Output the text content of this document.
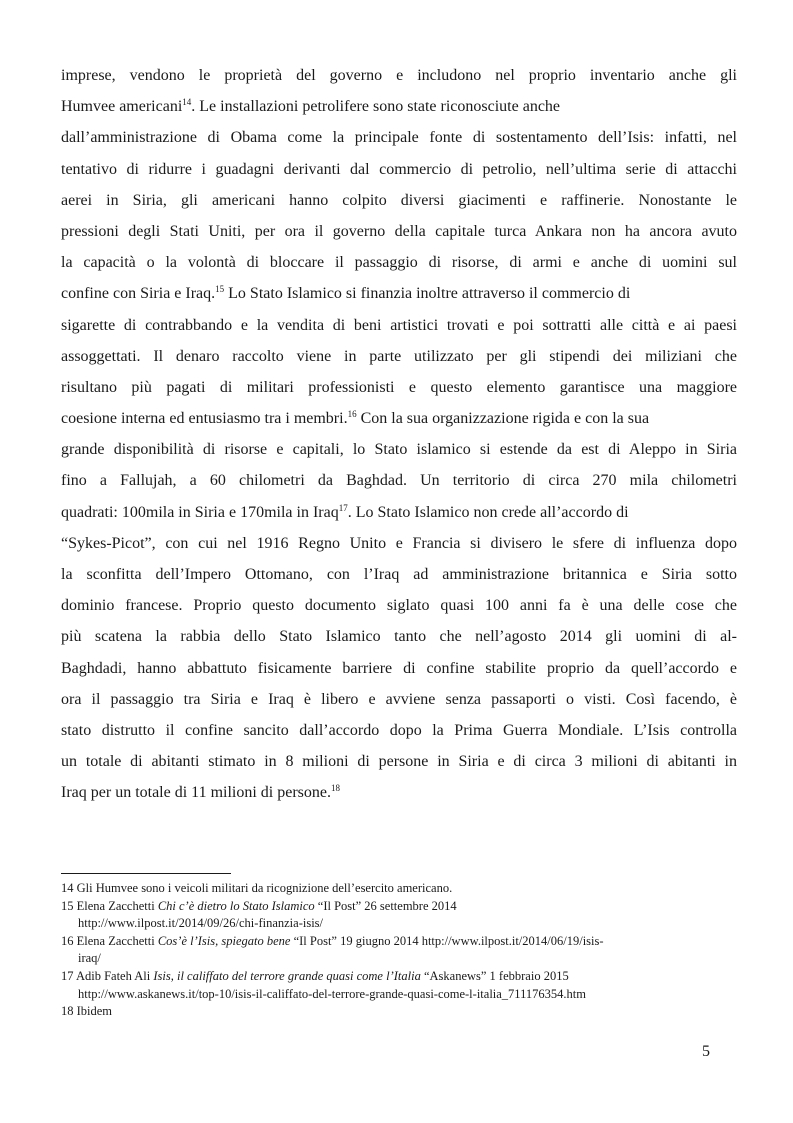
imprese, vendono le proprietà del governo e includono nel proprio inventario anche gli
Humvee americani$^{14}$. Le installazioni petrolifere sono state riconosciute anche
dall’amministrazione di Obama come la principale fonte di sostentamento dell’Isis: infatti, nel
tentativo di ridurre i guadagni derivanti dal commercio di petrolio, nell’ultima serie di attacchi
aerei in Siria, gli americani hanno colpito diversi giacimenti e raffinerie. Nonostante le
pressioni degli Stati Uniti, per ora il governo della capitale turca Ankara non ha ancora avuto
la capacità o la volontà di bloccare il passaggio di risorse, di armi e anche di uomini sul
confine con Siria e Iraq.$^{15}$ Lo Stato Islamico si finanzia inoltre attraverso il commercio di
sigarette di contrabbando e la vendita di beni artistici trovati e poi sottratti alle città e ai paesi
assoggettati. Il denaro raccolto viene in parte utilizzato per gli stipendi dei miliziani che
risultano più pagati di militari professionisti e questo elemento garantisce una maggiore
coesione interna ed entusiasmo tra i membri.$^{16}$ Con la sua organizzazione rigida e con la sua
grande disponibilità di risorse e capitali, lo Stato islamico si estende da est di Aleppo in Siria
fino a Fallujah, a 60 chilometri da Baghdad. Un territorio di circa 270 mila chilometri
quadrati: 100mila in Siria e 170mila in Iraq$^{17}$. Lo Stato Islamico non crede all’accordo di
“Sykes-Picot”, con cui nel 1916 Regno Unito e Francia si divisero le sfere di influenza dopo
la sconfitta dell’Impero Ottomano, con l’Iraq ad amministrazione britannica e Siria sotto
dominio francese. Proprio questo documento siglato quasi 100 anni fa è una delle cose che
più scatena la rabbia dello Stato Islamico tanto che nell’agosto 2014 gli uomini di al-
Baghdadi, hanno abbattuto fisicamente barriere di confine stabilite proprio da quell’accordo e
ora il passaggio tra Siria e Iraq è libero e avviene senza passaporti o visti. Così facendo, è
stato distrutto il confine sancito dall’accordo dopo la Prima Guerra Mondiale. L’Isis controlla
un totale di abitanti stimato in 8 milioni di persone in Siria e di circa 3 milioni di abitanti in
Iraq per un totale di 11 milioni di persone.$^{18}$
14 Gli Humvee sono i veicoli militari da ricognizione dell’esercito americano.
15 Elena Zacchetti Chi c’è dietro lo Stato Islamico “Il Post” 26 settembre 2014
http://www.ilpost.it/2014/09/26/chi-finanzia-isis/
16 Elena Zacchetti Cos’è l’Isis, spiegato bene “Il Post” 19 giugno 2014 http://www.ilpost.it/2014/06/19/isis-
iraq/
17 Adib Fateh Ali Isis, il califfato del terrore grande quasi come l’Italia “Askanews” 1 febbraio 2015
http://www.askanews.it/top-10/isis-il-califfato-del-terrore-grande-quasi-come-l-italia_711176354.htm
18 Ibidem
5
